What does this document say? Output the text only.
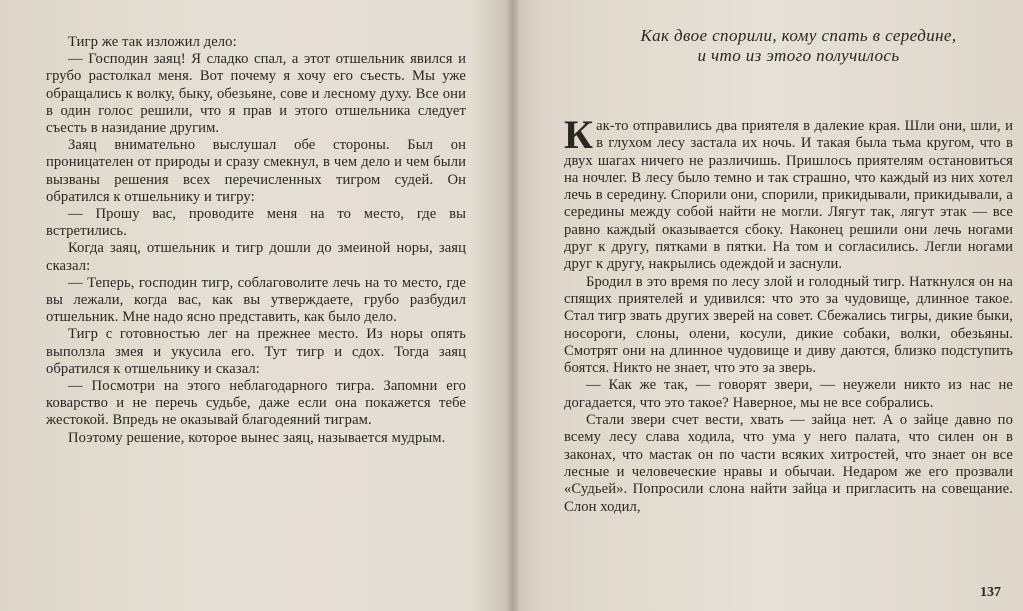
Тигр же так изложил дело:

— Господин заяц! Я сладко спал, а этот отшельник явился и грубо растолкал меня. Вот почему я хочу его съесть. Мы уже обращались к волку, быку, обезьяне, сове и лесному духу. Все они в один голос решили, что я прав и этого отшельника следует съесть в назидание другим.

Заяц внимательно выслушал обе стороны. Был он проницателен от природы и сразу смекнул, в чем дело и чем были вызваны решения всех перечисленных тигром судей. Он обратился к отшельнику и тигру:

— Прошу вас, проводите меня на то место, где вы встретились.

Когда заяц, отшельник и тигр дошли до змеиной норы, заяц сказал:

— Теперь, господин тигр, соблаговолите лечь на то место, где вы лежали, когда вас, как вы утверждаете, грубо разбудил отшельник. Мне надо ясно представить, как было дело.

Тигр с готовностью лег на прежнее место. Из норы опять выползла змея и укусила его. Тут тигр и сдох. Тогда заяц обратился к отшельнику и сказал:

— Посмотри на этого неблагодарного тигра. Запомни его коварство и не перечь судьбе, даже если она покажется тебе жестокой. Впредь не оказывай благодеяний тиграм.

Поэтому решение, которое вынес заяц, называется мудрым.

Как двое спорили, кому спать в середине,

и что из этого получилось

Как-то отправились два приятеля в далекие края. Шли они, шли, и в глухом лесу застала их ночь. И такая была тьма кругом, что в двух шагах ничего не различишь. Пришлось приятелям остановиться на ночлег. В лесу было темно и так страшно, что каждый из них хотел лечь в середину. Спорили они, спорили, прикидывали, прикидывали, а середины между собой найти не могли. Лягут так, лягут этак — все равно каждый оказывается сбоку. Наконец решили они лечь ногами друг к другу, пятками в пятки. На том и согласились. Легли ногами друг к другу, накрылись одеждой и заснули.

Бродил в это время по лесу злой и голодный тигр. Наткнулся он на спящих приятелей и удивился: что это за чудовище, длинное такое. Стал тигр звать других зверей на совет. Сбежались тигры, дикие быки, носороги, слоны, олени, косули, дикие собаки, волки, обезьяны. Смотрят они на длинное чудовище и диву даются, близко подступить боятся. Никто не знает, что это за зверь.

— Как же так, — говорят звери, — неужели никто из нас не догадается, что это такое? Наверное, мы не все собрались.

Стали звери счет вести, хвать — зайца нет. А о зайце давно по всему лесу слава ходила, что ума у него палата, что силен он в законах, что мастак он по части всяких хитростей, что знает он все лесные и человеческие нравы и обычаи. Недаром же его прозвали «Судьей». Попросили слона найти зайца и пригласить на совещание. Слон ходил,

137
